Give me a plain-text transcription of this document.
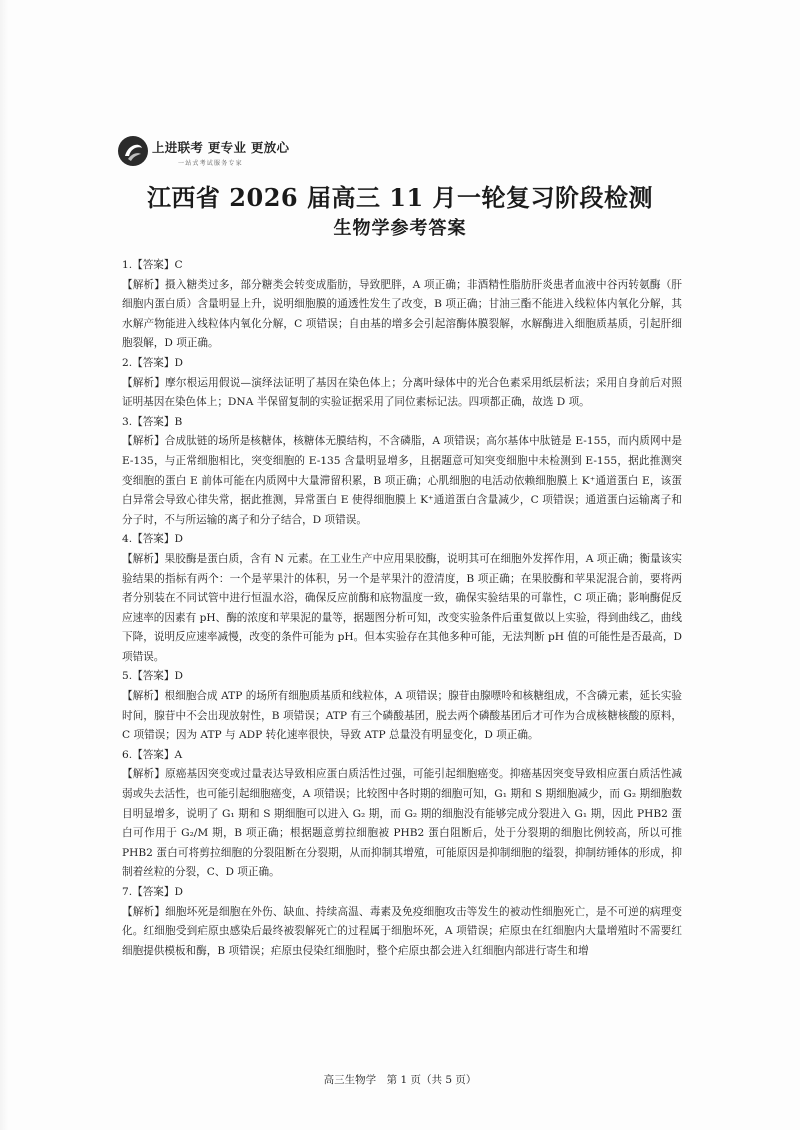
上进联考 更专业 更放心
一站式考试服务专家
江西省 2026 届高三 11 月一轮复习阶段检测
生物学参考答案
1.【答案】C
【解析】摄入糖类过多，部分糖类会转变成脂肪，导致肥胖，A 项正确；非酒精性脂肪肝炎患者血液中谷丙转氨酶（肝细胞内蛋白质）含量明显上升，说明细胞膜的通透性发生了改变，B 项正确；甘油三酯不能进入线粒体内氧化分解，其水解产物能进入线粒体内氧化分解，C 项错误；自由基的增多会引起溶酶体膜裂解，水解酶进入细胞质基质，引起肝细胞裂解，D 项正确。
2.【答案】D
【解析】摩尔根运用假说—演绎法证明了基因在染色体上；分离叶绿体中的光合色素采用纸层析法；采用自身前后对照证明基因在染色体上；DNA 半保留复制的实验证据采用了同位素标记法。四项都正确，故选 D 项。
3.【答案】B
【解析】合成肽链的场所是核糖体，核糖体无膜结构，不含磷脂，A 项错误；高尔基体中肽链是 E-155，而内质网中是 E-135，与正常细胞相比，突变细胞的 E-135 含量明显增多，且据题意可知突变细胞中未检测到 E-155，据此推测突变细胞的蛋白 E 前体可能在内质网中大量滞留积累，B 项正确；心肌细胞的电活动依赖细胞膜上 K⁺通道蛋白 E，该蛋白异常会导致心律失常，据此推测，异常蛋白 E 使得细胞膜上 K⁺通道蛋白含量减少，C 项错误；通道蛋白运输离子和分子时，不与所运输的离子和分子结合，D 项错误。
4.【答案】D
【解析】果胶酶是蛋白质，含有 N 元素。在工业生产中应用果胶酶，说明其可在细胞外发挥作用，A 项正确；衡量该实验结果的指标有两个：一个是苹果汁的体积，另一个是苹果汁的澄清度，B 项正确；在果胶酶和苹果泥混合前，要将两者分别装在不同试管中进行恒温水浴，确保反应前酶和底物温度一致，确保实验结果的可靠性，C 项正确；影响酶促反应速率的因素有 pH、酶的浓度和苹果泥的量等，据题图分析可知，改变实验条件后重复做以上实验，得到曲线乙，曲线下降，说明反应速率减慢，改变的条件可能为 pH。但本实验存在其他多种可能，无法判断 pH 值的可能性是否最高，D 项错误。
5.【答案】D
【解析】根细胞合成 ATP 的场所有细胞质基质和线粒体，A 项错误；腺苷由腺嘌呤和核糖组成，不含磷元素，延长实验时间，腺苷中不会出现放射性，B 项错误；ATP 有三个磷酸基团，脱去两个磷酸基团后才可作为合成核糖核酸的原料，C 项错误；因为 ATP 与 ADP 转化速率很快，导致 ATP 总量没有明显变化，D 项正确。
6.【答案】A
【解析】原癌基因突变或过量表达导致相应蛋白质活性过强，可能引起细胞癌变。抑癌基因突变导致相应蛋白质活性减弱或失去活性，也可能引起细胞癌变，A 项错误；比较图中各时期的细胞可知，G₁ 期和 S 期细胞减少，而 G₂ 期细胞数目明显增多，说明了 G₁ 期和 S 期细胞可以进入 G₂ 期，而 G₂ 期的细胞没有能够完成分裂进入 G₁ 期，因此 PHB2 蛋白可作用于 G₂/M 期，B 项正确；根据题意剪拉细胞被 PHB2 蛋白阻断后，处于分裂期的细胞比例较高，所以可推 PHB2 蛋白可将剪拉细胞的分裂阻断在分裂期，从而抑制其增殖，可能原因是抑制细胞的缢裂，抑制纺锤体的形成，抑制着丝粒的分裂，C、D 项正确。
7.【答案】D
【解析】细胞坏死是细胞在外伤、缺血、持续高温、毒素及免疫细胞攻击等发生的被动性细胞死亡，是不可逆的病理变化。红细胞受到疟原虫感染后最终被裂解死亡的过程属于细胞坏死，A 项错误；疟原虫在红细胞内大量增殖时不需要红细胞提供模板和酶，B 项错误；疟原虫侵染红细胞时，整个疟原虫都会进入红细胞内部进行寄生和增
高三生物学　第 1 页（共 5 页）
